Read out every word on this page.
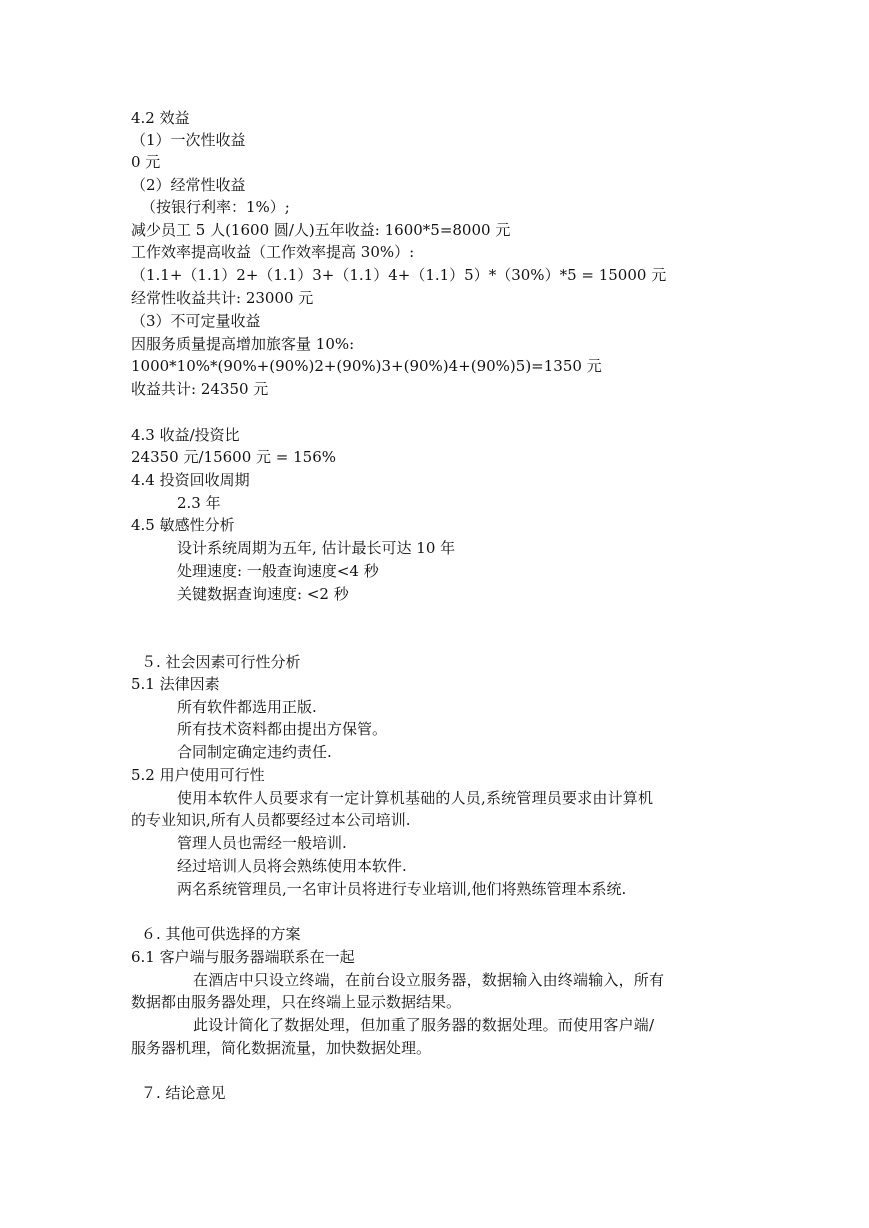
4.2 效益
（1）一次性收益
0 元
（2）经常性收益
（按银行利率：1%）;
减少员工 5 人(1600 圆/人)五年收益: 1600*5=8000 元
工作效率提高收益（工作效率提高 30%）:
（1.1+（1.1）2+（1.1）3+（1.1）4+（1.1）5）*（30%）*5 = 15000 元
经常性收益共计: 23000 元
（3）不可定量收益
因服务质量提高增加旅客量 10%:
1000*10%*(90%+(90%)2+(90%)3+(90%)4+(90%)5)=1350 元
收益共计: 24350 元
4.3 收益/投资比
24350 元/15600 元 = 156%
4.4 投资回收周期
2.3 年
4.5 敏感性分析
设计系统周期为五年, 估计最长可达 10 年
处理速度: 一般查询速度<4 秒
关键数据查询速度: <2 秒
５. 社会因素可行性分析
5.1 法律因素
所有软件都选用正版.
所有技术资料都由提出方保管。
合同制定确定违约责任.
5.2 用户使用可行性
使用本软件人员要求有一定计算机基础的人员,系统管理员要求由计算机
的专业知识,所有人员都要经过本公司培训.
管理人员也需经一般培训.
经过培训人员将会熟练使用本软件.
两名系统管理员,一名审计员将进行专业培训,他们将熟练管理本系统.
６. 其他可供选择的方案
6.1 客户端与服务器端联系在一起
在酒店中只设立终端，在前台设立服务器，数据输入由终端输入，所有
数据都由服务器处理，只在终端上显示数据结果。
此设计简化了数据处理，但加重了服务器的数据处理。而使用客户端/
服务器机理，简化数据流量，加快数据处理。
７. 结论意见
